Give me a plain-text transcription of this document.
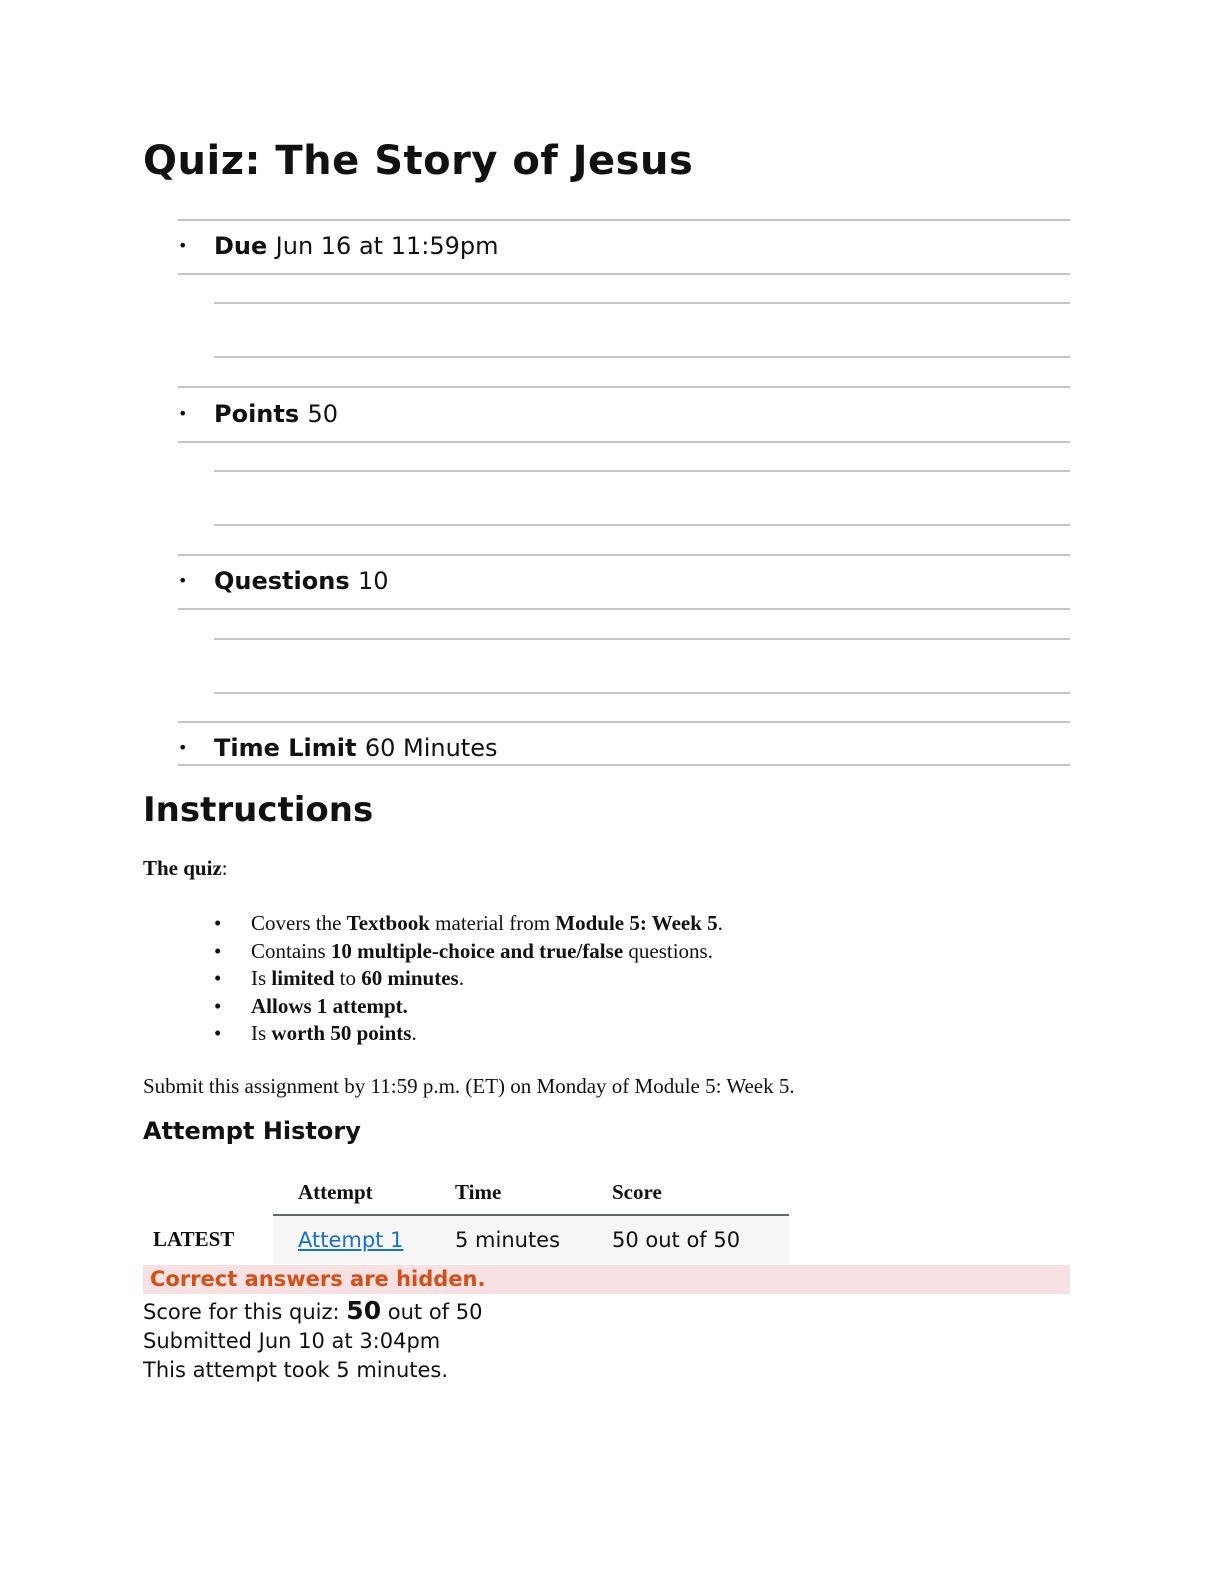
Quiz: The Story of Jesus
• Due Jun 16 at 11:59pm
• Points 50
• Questions 10
• Time Limit 60 Minutes
Instructions
The quiz:
• Covers the Textbook material from Module 5: Week 5.
• Contains 10 multiple-choice and true/false questions.
• Is limited to 60 minutes.
• Allows 1 attempt.
• Is worth 50 points.
Submit this assignment by 11:59 p.m. (ET) on Monday of Module 5: Week 5.
Attempt History
	Attempt	Time	Score
LATEST	Attempt 1	5 minutes	50 out of 50
Correct answers are hidden.
Score for this quiz: 50 out of 50
Submitted Jun 10 at 3:04pm
This attempt took 5 minutes.
